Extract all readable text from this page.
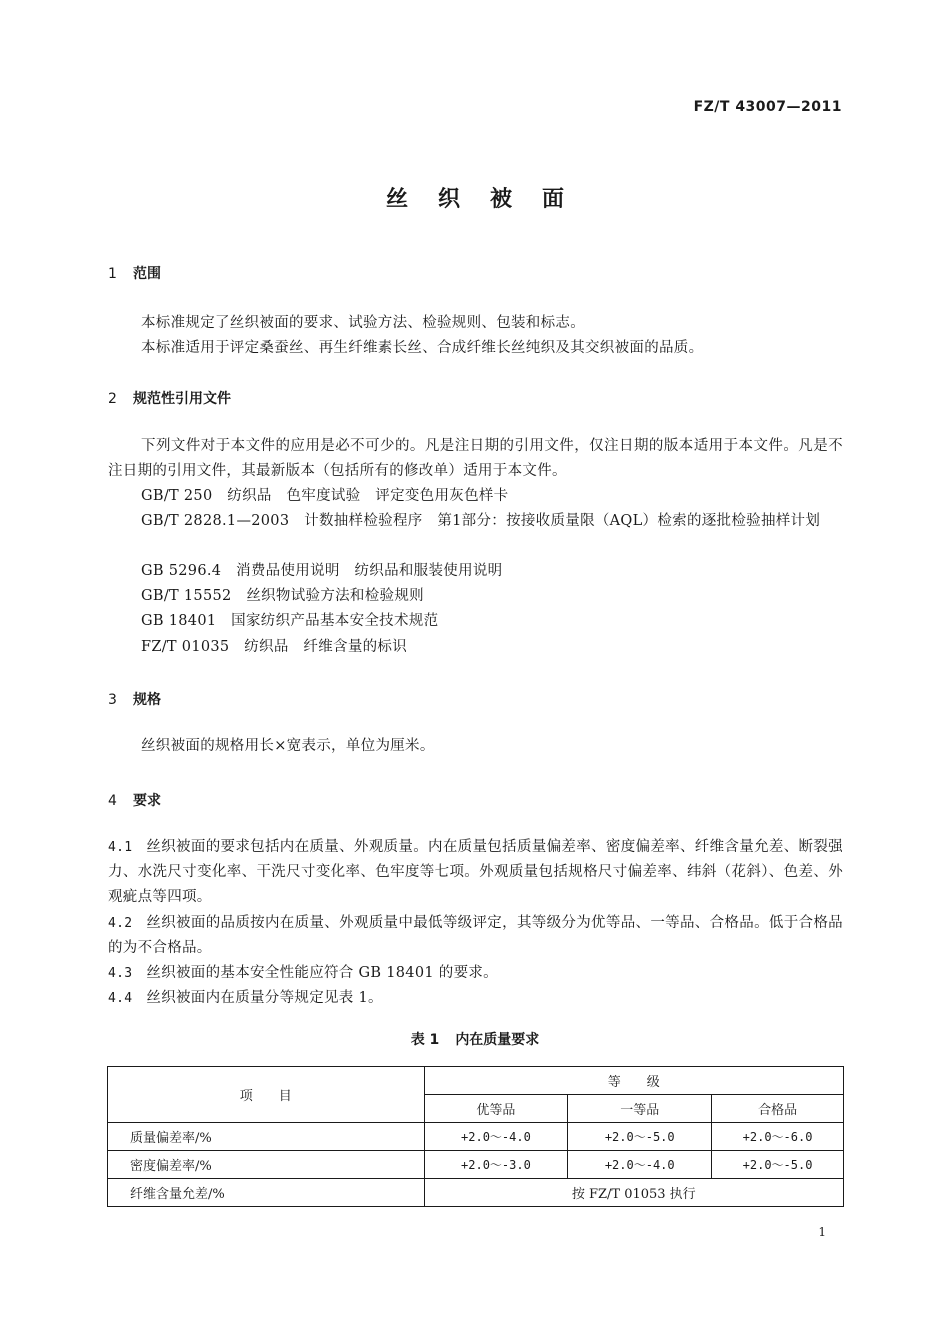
FZ/T 43007—2011
丝织被面
1 范围

本标准规定了丝织被面的要求、试验方法、检验规则、包装和标志。

本标准适用于评定桑蚕丝、再生纤维素长丝、合成纤维长丝纯织及其交织被面的品质。

2 规范性引用文件

下列文件对于本文件的应用是必不可少的。凡是注日期的引用文件，仅注日期的版本适用于本文件。凡是不注日期的引用文件，其最新版本（包括所有的修改单）适用于本文件。

GB/T 250　纺织品　色牢度试验　评定变色用灰色样卡

GB/T 2828.1—2003　计数抽样检验程序　第1部分：按接收质量限（AQL）检索的逐批检验抽样计划

GB 5296.4　消费品使用说明　纺织品和服装使用说明
GB/T 15552　丝织物试验方法和检验规则
GB 18401　国家纺织产品基本安全技术规范
FZ/T 01035　纺织品　纤维含量的标识
3 规格

丝织被面的规格用长×宽表示，单位为厘米。

4 要求

4.1 丝织被面的要求包括内在质量、外观质量。内在质量包括质量偏差率、密度偏差率、纤维含量允差、断裂强力、水洗尺寸变化率、干洗尺寸变化率、色牢度等七项。外观质量包括规格尺寸偏差率、纬斜（花斜）、色差、外观疵点等四项。

4.2 丝织被面的品质按内在质量、外观质量中最低等级评定，其等级分为优等品、一等品、合格品。低于合格品的为不合格品。

4.3 丝织被面的基本安全性能应符合 GB 18401 的要求。

4.4 丝织被面内在质量分等规定见表 1。

表 1 内在质量要求
项　　目	等　　级		
	优等品	一等品	合格品
质量偏差率/%	+2.0～-4.0	+2.0～-5.0	+2.0～-6.0
密度偏差率/%	+2.0～-3.0	+2.0～-4.0	+2.0～-5.0
纤维含量允差/%	按 FZ/T 01053 执行		
1
